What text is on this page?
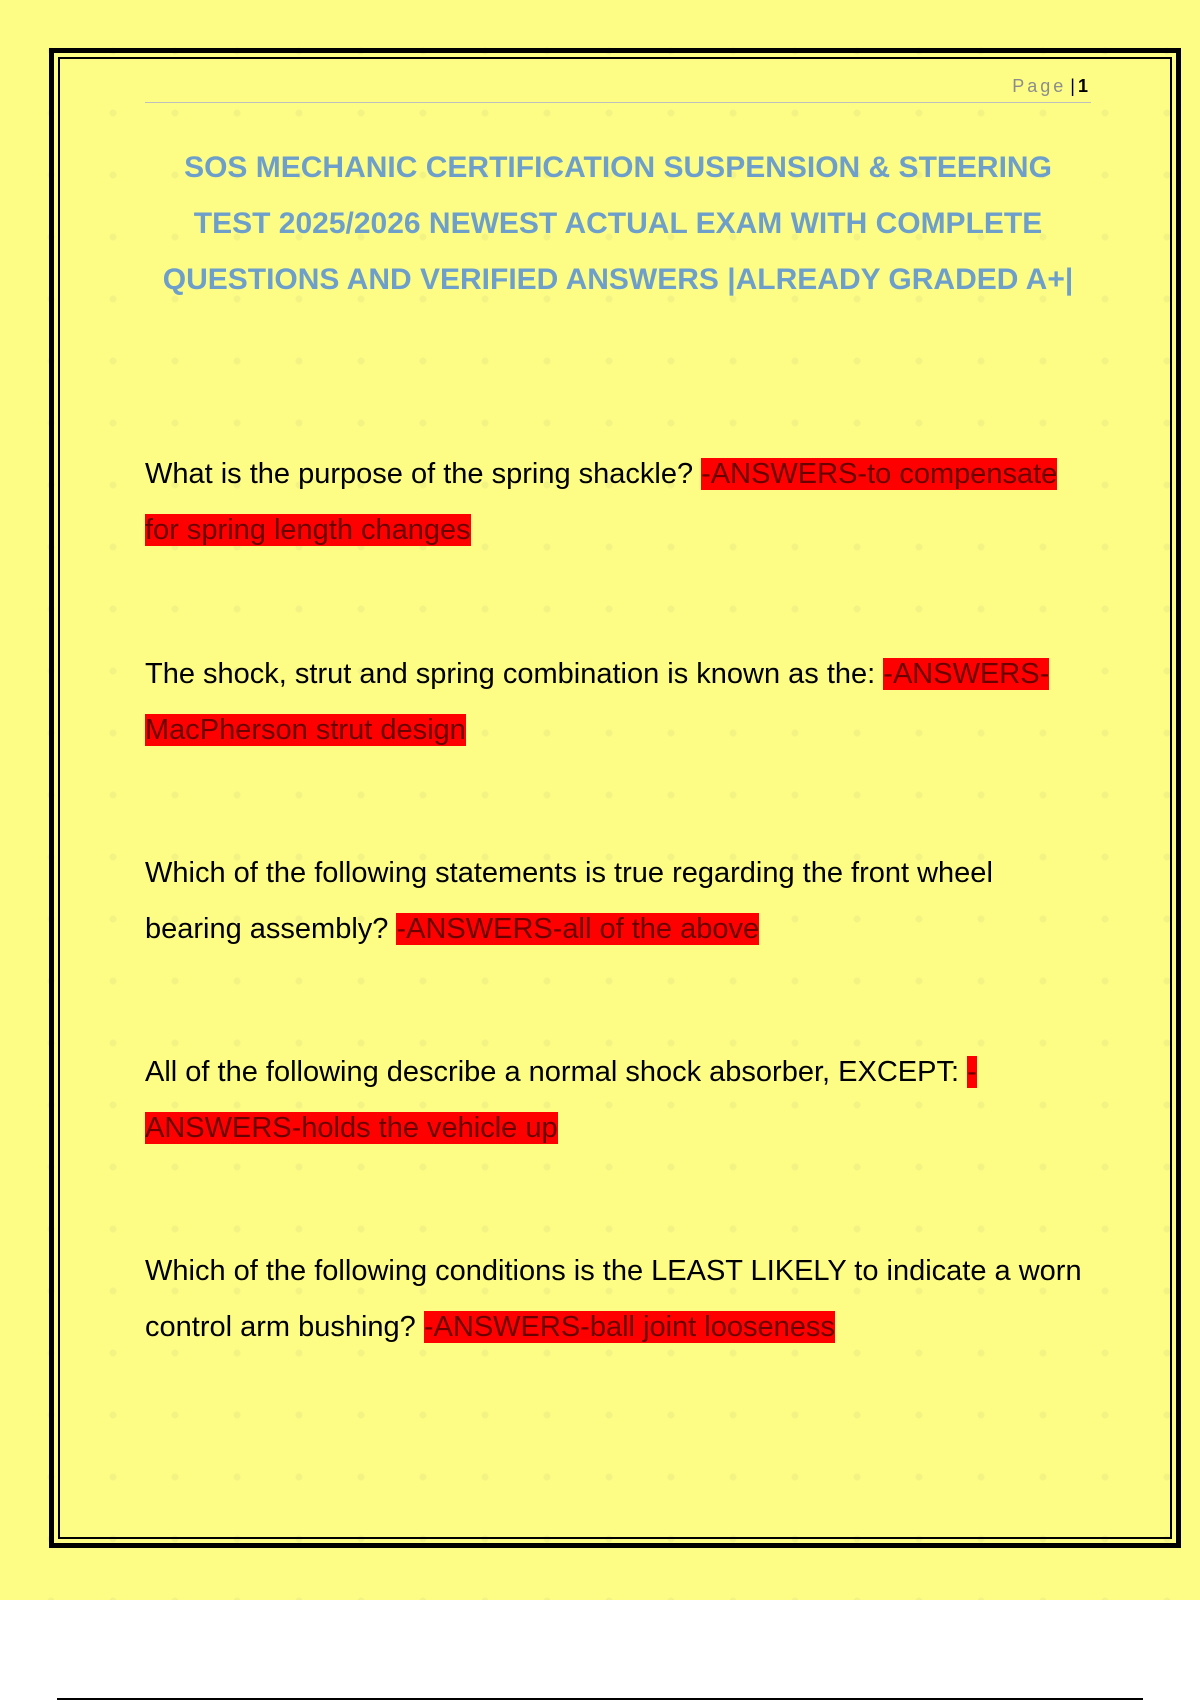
Page | 1
SOS MECHANIC CERTIFICATION SUSPENSION & STEERING TEST 2025/2026 NEWEST ACTUAL EXAM WITH COMPLETE QUESTIONS AND VERIFIED ANSWERS |ALREADY GRADED A+|

What is the purpose of the spring shackle? -ANSWERS-to compensate for spring length changes

The shock, strut and spring combination is known as the: -ANSWERS-MacPherson strut design

Which of the following statements is true regarding the front wheel bearing assembly? -ANSWERS-all of the above

All of the following describe a normal shock absorber, EXCEPT: -ANSWERS-holds the vehicle up

Which of the following conditions is the LEAST LIKELY to indicate a worn control arm bushing? -ANSWERS-ball joint looseness
